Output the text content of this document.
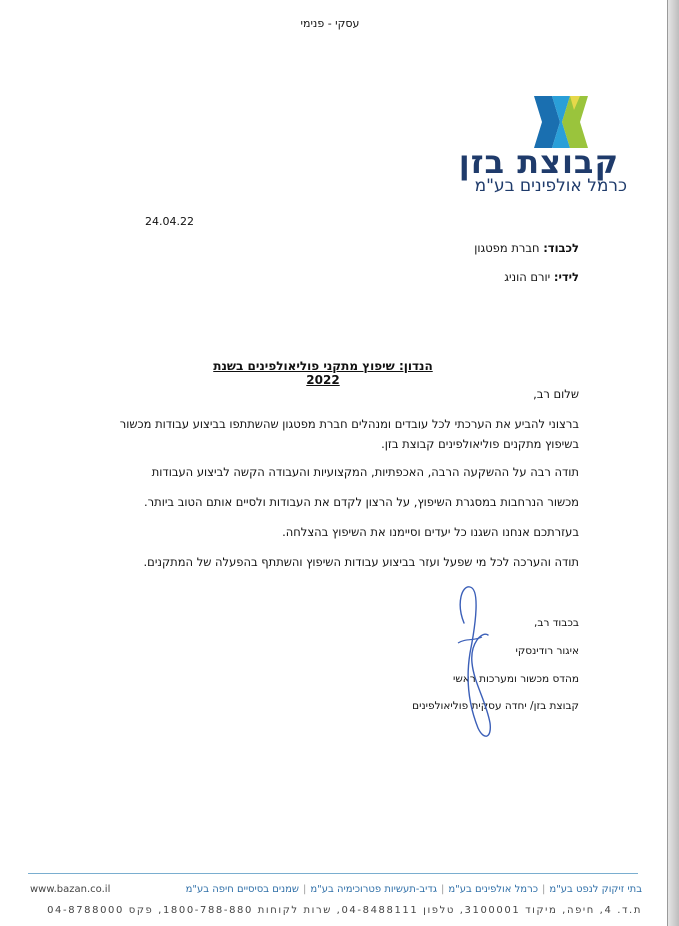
עסקי - פנימי
קבוצת בזן
כרמל אולפינים בע"מ
24.04.22
לכבוד: חברת מפטגון
לידי: יורם הוניג
הנדון: שיפוץ מתקני פוליאולפינים בשנת 2022
שלום רב,
ברצוני להביע את הערכתי לכל עובדים ומנהלים חברת מפטגון שהשתתפו בביצוע עבודות מכשור בשיפוץ מתקנים פוליאולפינים קבוצת בזן.
תודה רבה על ההשקעה הרבה, האכפתיות, המקצועיות והעבודה הקשה לביצוע העבודות
מכשור הנרחבות במסגרת השיפוץ, על הרצון לקדם את העבודות ולסיים אותם הטוב ביותר.
בעזרתכם אנחנו השגנו כל יעדים וסיימנו את השיפוץ בהצלחה.
תודה והערכה לכל מי שפעל ועזר בביצוע עבודות השיפוץ והשתתף בהפעלה של המתקנים.
בכבוד רב,
איגור רודינסקי
מהדס מכשור ומערכות ראשי
קבוצת בזן/ יחדה עסקית פוליאולפינים
www.bazan.co.il	בתי זיקוק לנפט בע"מ|כרמל אולפינים בע"מ|גדיב-תעשיות פטרוכימיה בע"מ|שמנים בסיסיים חיפה בע"מ
ת.ד. 4, חיפה, מיקוד 3100001, טלפון 04-8488111, שרות לקוחות 1800-788-880, פקס 04-8788000
